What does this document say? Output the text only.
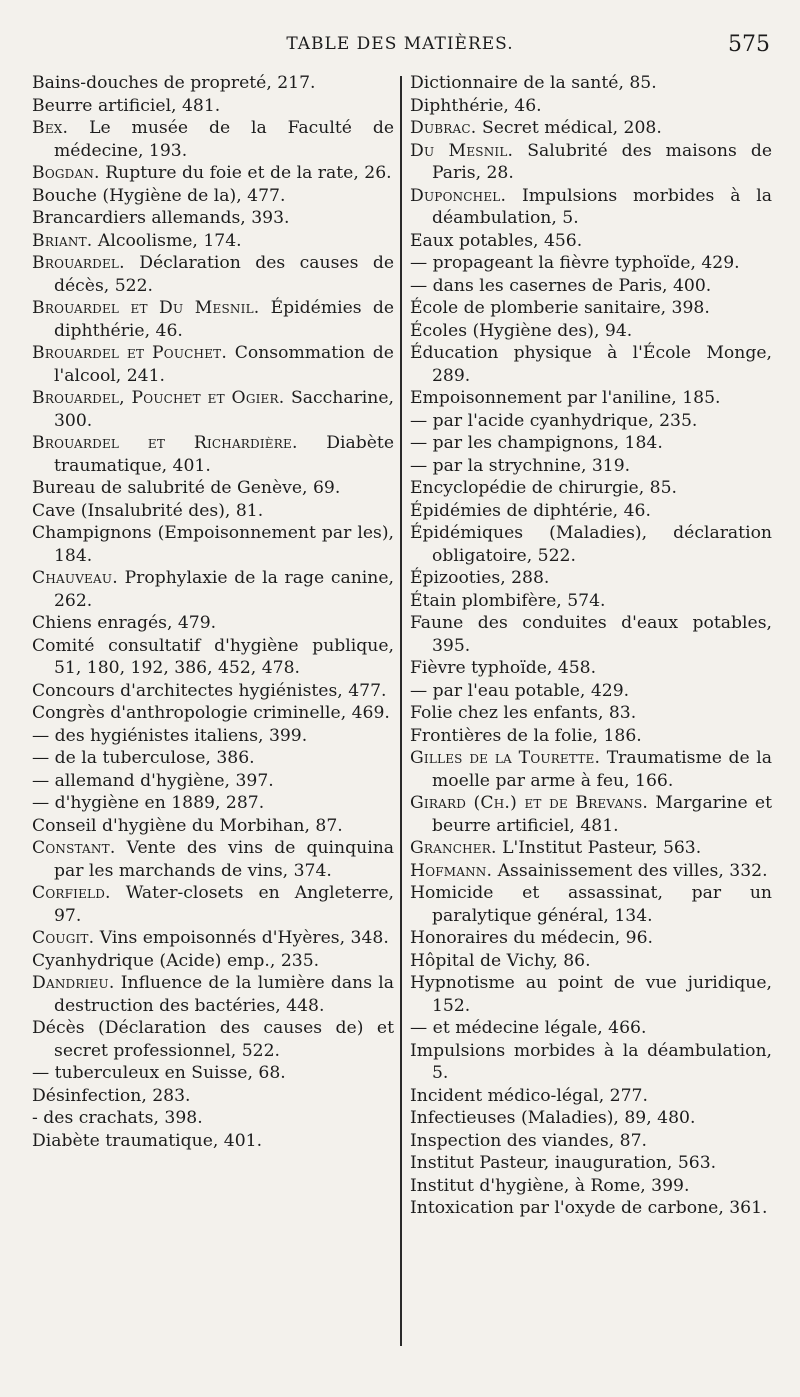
TABLE DES MATIÈRES.	575
Bains-douches de propreté, 217.
Beurre artificiel, 481.
Bex. Le musée de la Faculté de médecine, 193.
Bogdan. Rupture du foie et de la rate, 26.
Bouche (Hygiène de la), 477.
Brancardiers allemands, 393.
Briant. Alcoolisme, 174.
Brouardel. Déclaration des causes de décès, 522.
Brouardel et Du Mesnil. Épidémies de diphthérie, 46.
Brouardel et Pouchet. Consommation de l'alcool, 241.
Brouardel, Pouchet et Ogier. Saccharine, 300.
Brouardel et Richardière. Diabète traumatique, 401.
Bureau de salubrité de Genève, 69.
Cave (Insalubrité des), 81.
Champignons (Empoisonnement par les), 184.
Chauveau. Prophylaxie de la rage canine, 262.
Chiens enragés, 479.
Comité consultatif d'hygiène publique, 51, 180, 192, 386, 452, 478.
Concours d'architectes hygiénistes, 477.
Congrès d'anthropologie criminelle, 469.
— des hygiénistes italiens, 399.
— de la tuberculose, 386.
— allemand d'hygiène, 397.
— d'hygiène en 1889, 287.
Conseil d'hygiène du Morbihan, 87.
Constant. Vente des vins de quinquina par les marchands de vins, 374.
Corfield. Water-closets en Angleterre, 97.
Cougit. Vins empoisonnés d'Hyères, 348.
Cyanhydrique (Acide) emp., 235.
Dandrieu. Influence de la lumière dans la destruction des bactéries, 448.
Décès (Déclaration des causes de) et secret professionnel, 522.
— tuberculeux en Suisse, 68.
Désinfection, 283.
- des crachats, 398.
Diabète traumatique, 401.
Dictionnaire de la santé, 85.
Diphthérie, 46.
Dubrac. Secret médical, 208.
Du Mesnil. Salubrité des maisons de Paris, 28.
Duponchel. Impulsions morbides à la déambulation, 5.
Eaux potables, 456.
— propageant la fièvre typhoïde, 429.
— dans les casernes de Paris, 400.
École de plomberie sanitaire, 398.
Écoles (Hygiène des), 94.
Éducation physique à l'École Monge, 289.
Empoisonnement par l'aniline, 185.
— par l'acide cyanhydrique, 235.
— par les champignons, 184.
— par la strychnine, 319.
Encyclopédie de chirurgie, 85.
Épidémies de diphtérie, 46.
Épidémiques (Maladies), déclaration obligatoire, 522.
Épizooties, 288.
Étain plombifère, 574.
Faune des conduites d'eaux potables, 395.
Fièvre typhoïde, 458.
— par l'eau potable, 429.
Folie chez les enfants, 83.
Frontières de la folie, 186.
Gilles de la Tourette. Traumatisme de la moelle par arme à feu, 166.
Girard (Ch.) et de Brevans. Margarine et beurre artificiel, 481.
Grancher. L'Institut Pasteur, 563.
Hofmann. Assainissement des villes, 332.
Homicide et assassinat, par un paralytique général, 134.
Honoraires du médecin, 96.
Hôpital de Vichy, 86.
Hypnotisme au point de vue juridique, 152.
— et médecine légale, 466.
Impulsions morbides à la déambulation, 5.
Incident médico-légal, 277.
Infectieuses (Maladies), 89, 480.
Inspection des viandes, 87.
Institut Pasteur, inauguration, 563.
Institut d'hygiène, à Rome, 399.
Intoxication par l'oxyde de carbone, 361.
